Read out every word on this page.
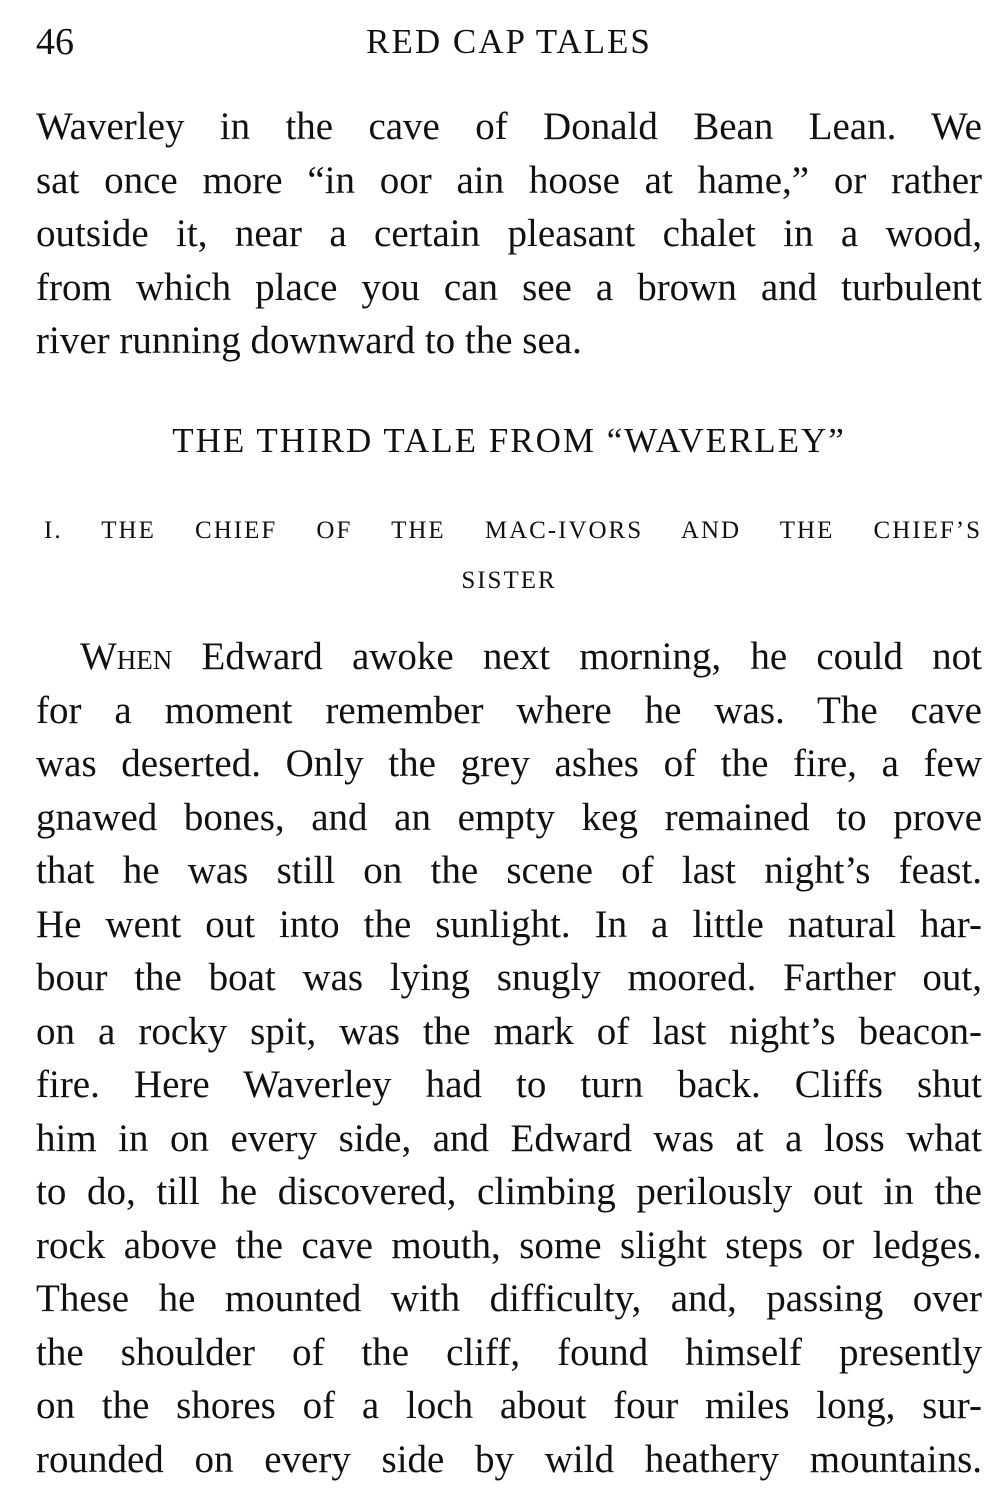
46	RED CAP TALES
Waverley in the cave of Donald Bean Lean. We
sat once more “in oor ain hoose at hame,” or rather
outside it, near a certain pleasant chalet in a wood,
from which place you can see a brown and turbulent
river running downward to the sea.
THE THIRD TALE FROM “WAVERLEY”
I. THE CHIEF OF THE MAC-IVORS AND THE CHIEF’S
SISTER
When Edward awoke next morning, he could not
for a moment remember where he was. The cave
was deserted. Only the grey ashes of the fire, a few
gnawed bones, and an empty keg remained to prove
that he was still on the scene of last night’s feast.
He went out into the sunlight. In a little natural har-
bour the boat was lying snugly moored. Farther out,
on a rocky spit, was the mark of last night’s beacon-
fire. Here Waverley had to turn back. Cliffs shut
him in on every side, and Edward was at a loss what
to do, till he discovered, climbing perilously out in the
rock above the cave mouth, some slight steps or ledges.
These he mounted with difficulty, and, passing over
the shoulder of the cliff, found himself presently
on the shores of a loch about four miles long, sur-
rounded on every side by wild heathery mountains.
